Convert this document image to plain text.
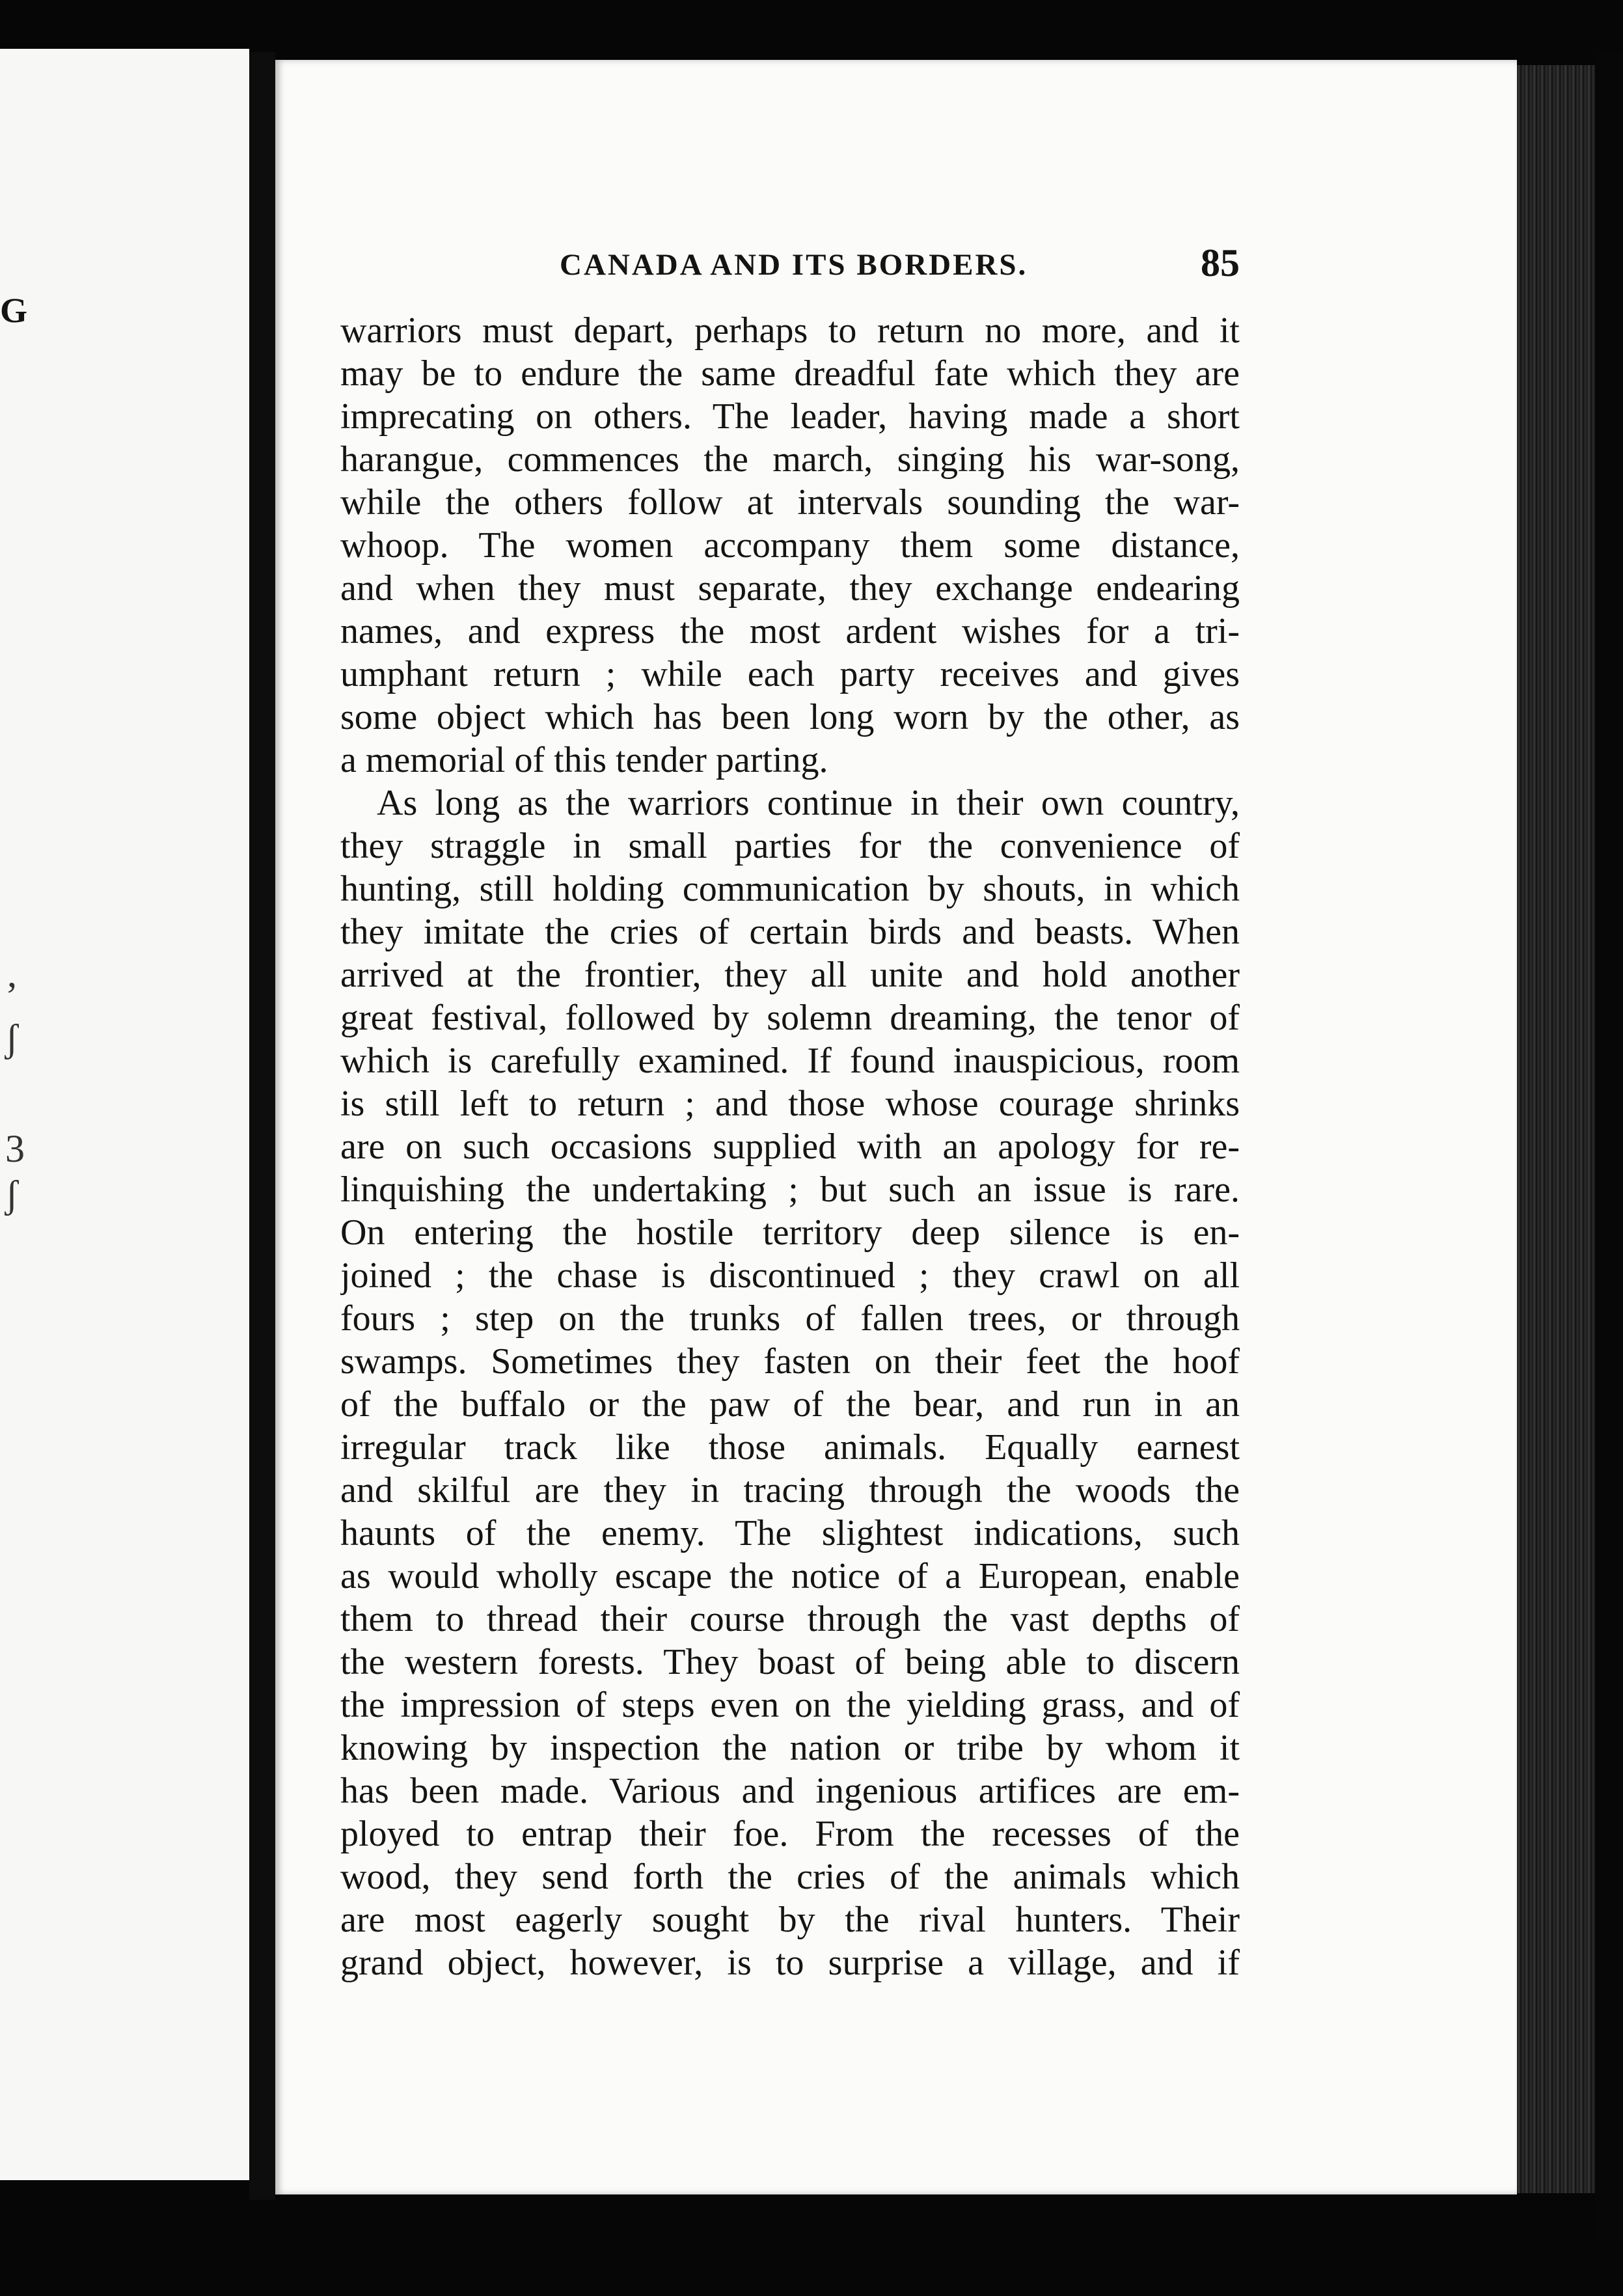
G
ʼ
ʃ
3
ʃ
CANADA AND ITS BORDERS.	85
warriors must depart, perhaps to return no more, and it
may be to endure the same dreadful fate which they are
imprecating on others. The leader, having made a short
harangue, commences the march, singing his war-song,
while the others follow at intervals sounding the war-
whoop. The women accompany them some distance,
and when they must separate, they exchange endearing
names, and express the most ardent wishes for a tri-
umphant return ; while each party receives and gives
some object which has been long worn by the other, as
a memorial of this tender parting.
As long as the warriors continue in their own country,
they straggle in small parties for the convenience of
hunting, still holding communication by shouts, in which
they imitate the cries of certain birds and beasts. When
arrived at the frontier, they all unite and hold another
great festival, followed by solemn dreaming, the tenor of
which is carefully examined. If found inauspicious, room
is still left to return ; and those whose courage shrinks
are on such occasions supplied with an apology for re-
linquishing the undertaking ; but such an issue is rare.
On entering the hostile territory deep silence is en-
joined ; the chase is discontinued ; they crawl on all
fours ; step on the trunks of fallen trees, or through
swamps. Sometimes they fasten on their feet the hoof
of the buffalo or the paw of the bear, and run in an
irregular track like those animals. Equally earnest
and skilful are they in tracing through the woods the
haunts of the enemy. The slightest indications, such
as would wholly escape the notice of a European, enable
them to thread their course through the vast depths of
the western forests. They boast of being able to discern
the impression of steps even on the yielding grass, and of
knowing by inspection the nation or tribe by whom it
has been made. Various and ingenious artifices are em-
ployed to entrap their foe. From the recesses of the
wood, they send forth the cries of the animals which
are most eagerly sought by the rival hunters. Their
grand object, however, is to surprise a village, and if
